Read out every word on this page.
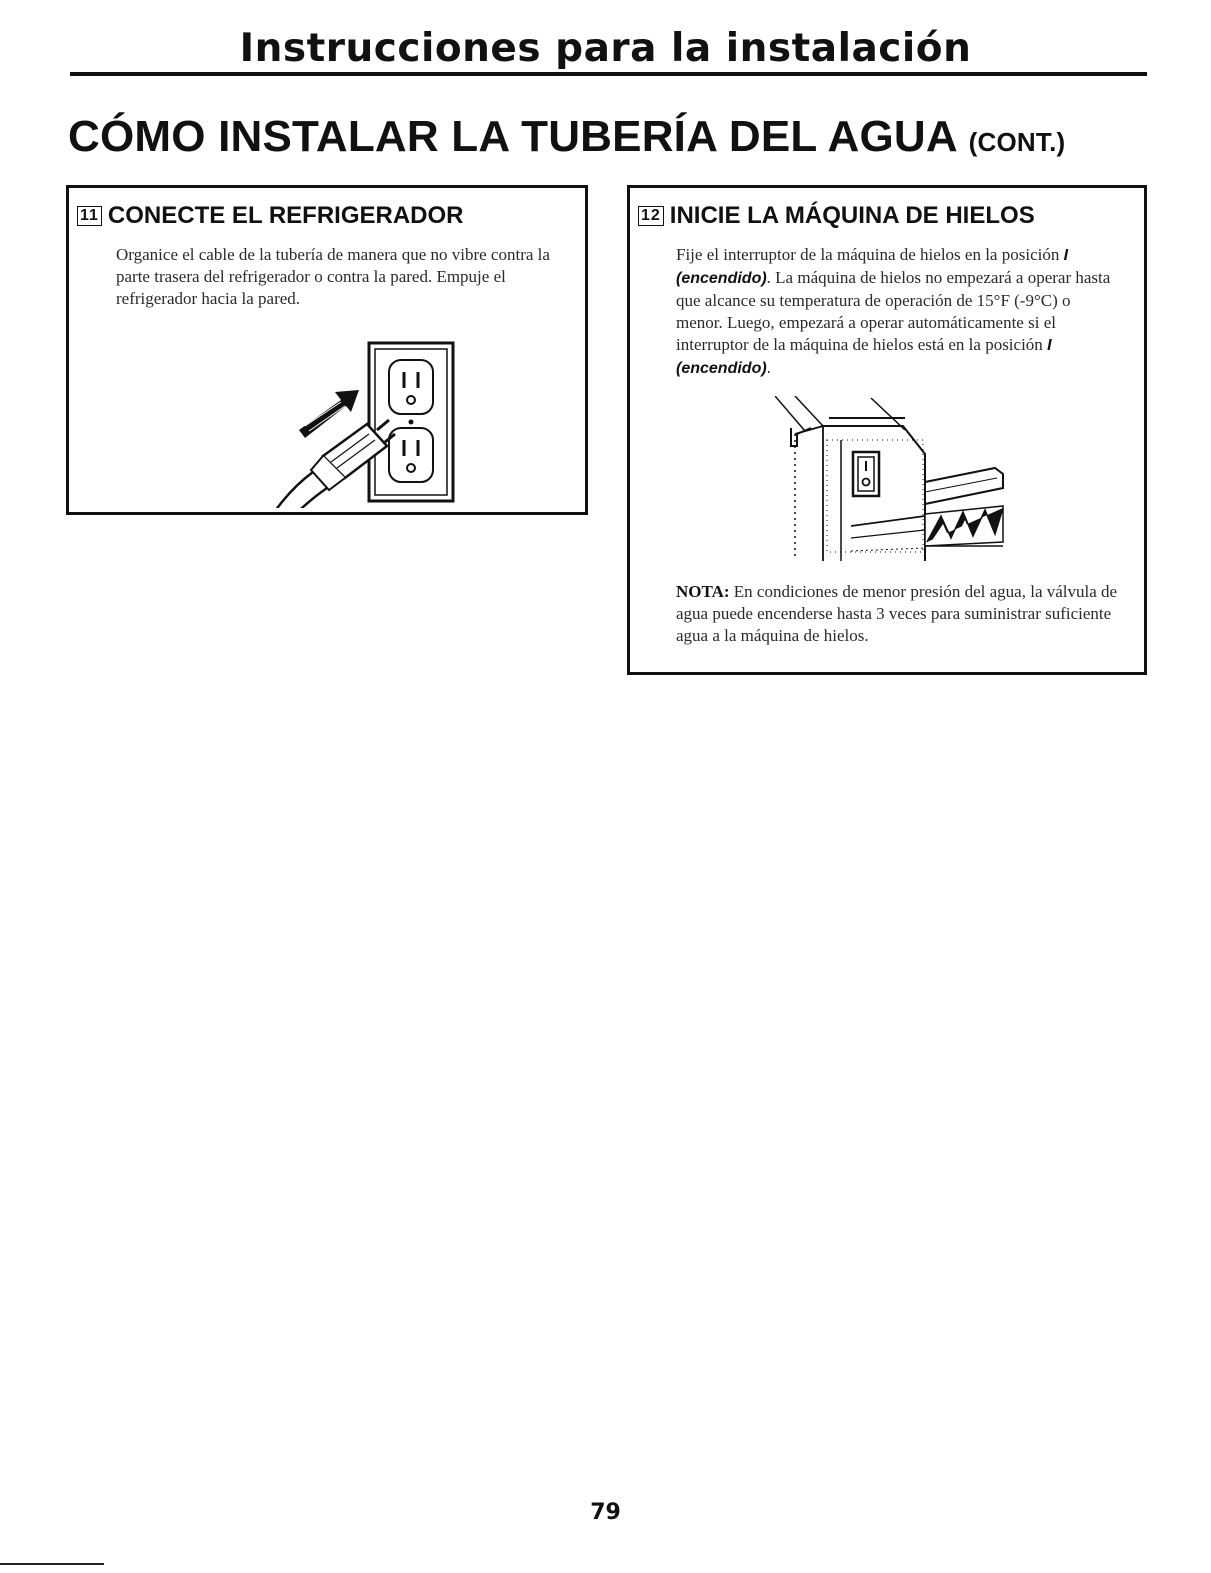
Instrucciones para la instalación
CÓMO INSTALAR LA TUBERÍA DEL AGUA (CONT.)
11 CONECTE EL REFRIGERADOR
Organice el cable de la tubería de manera que no vibre contra la parte trasera del refrigerador o contra la pared. Empuje el refrigerador hacia la pared.
12 INICIE LA MÁQUINA DE HIELOS
Fije el interruptor de la máquina de hielos en la posición I (encendido). La máquina de hielos no empezará a operar hasta que alcance su temperatura de operación de 15°F (-9°C) o menor. Luego, empezará a operar automáticamente si el interruptor de la máquina de hielos está en la posición I (encendido).
NOTA: En condiciones de menor presión del agua, la válvula de agua puede encenderse hasta 3 veces para suministrar suficiente agua a la máquina de hielos.
79
